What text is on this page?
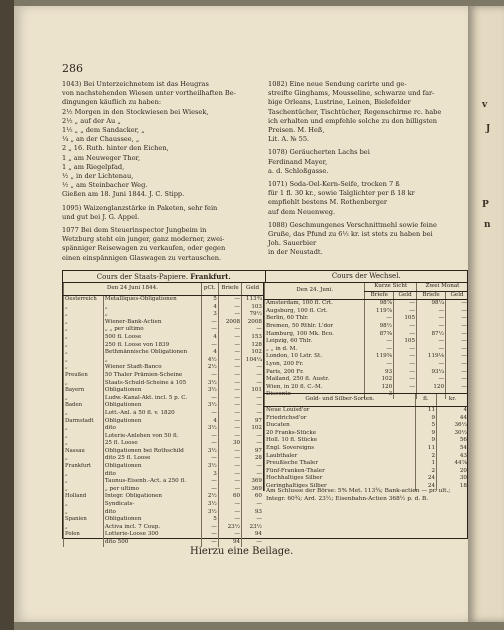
v
J
P
n
286
1043) Bei Unterzeichnetem ist das Heugras
von nachstehenden Wiesen unter vortheilhaften Be-
dingungen käuflich zu haben:
2½ Morgen in den Stockwiesen bei Wiesek,
2½ „ auf der Au „
1½ „ „ dem Sandacker, „
¼ „ an der Chaussee, „
2 „ 16. Ruth. hinter den Eichen,
1 „ am Neuweger Thor,
1 „ am Riegelpfad,
½ „ in der Lichtenau,
½ „ am Steinbacher Weg.
Gießen am 18. Juni 1844. J. C. Stipp.
1095) Waizenglanzstärke in Paketen, sehr fein
und gut bei J. G. Appel.
1077 Bei dem Steuerinspector Jungbeim in
Wetzburg steht ein junger, ganz moderner, zwei-
spänniger Reisewagen zu verkaufen, oder gegen
einen einspännigen Glaswagen zu vertauschen.
1082) Eine neue Sendung carirte und ge-
streifte Ginghams, Mousseline, schwarze und far-
bige Orleans, Lustrine, Leinen, Bielefelder
Taschentücher, Tischtücher, Regenschirme rc. habe
ich erhalten und empfehle solche zu den billigsten
Preisen. M. Heß,
Lit. A. № 55.
1078) Geräucherten Lachs bei
Ferdinand Mayer,
a. d. Schloßgasse.
1071) Soda-Oel-Kern-Seife, trocken 7 ß
für 1 fl. 30 kr., sowie Talglichter per ß 18 kr
empfiehlt bestens M. Rothenberger
auf dem Neuenweg.
1088) Geschmungenes Verschnittmehl sowie feine
Gruße, das Pfund zu 6½ kr. ist stets zu haben bei
Joh. Sauerbier
in der Neustadt.
Cours der Staats-Papiere. Frankfurt.	Cours der Wechsel.
Den 24 Juni 1844.		pCt.	Briefe	Geld
Oesterreich	Metalliques-Obligationen	5	—	113¾
„	„	4	—	103
„	„	3	—	79½
„	Wiener-Bank-Actien	—	2008	2008
„	„ „ per ultimo	—	—	—
„	500 fl. Loose	4	—	153
„	250 fl. Loose von 1839	—	—	128
„	Bethmännische Obligationen	4	—	102
„	„	4½	—	104¼
„	Wiener Stadt-Banco	2½	—	—
Preußen	50 Thaler Prämien-Scheine	—	—	—
„	Staats-Schuld-Scheine à 105	3½	—	—
Bayern	Obligationen	3½	—	101
„	Ludw.-Kanal-Akt. incl. 5 p. C.	—	—	—
Baden	Obligationen	3½	—	—
„	Lott.-Anl. à 50 fl. v. 1820	—	—	—
Darmstadt	Obligationen	4	—	97
„	dito	3½	—	102
„	Loterie-Anlehen von 50 fl.	—	—	—
„	25 fl. Loose	—	30	—
Nassau	Obligationen bei Rothschild	3½	—	97
„	dito 25 fl. Loose	—	—	28
Frankfurt	Obligationen	3½	—	—
„	dito	3	—	—
„	Taunus-Eisenb.-Act. à 250 fl.	—	—	369
„	„ per ultimo	—	—	369
Holland	Integr. Obligationen	2½	60	60
„	Syndicats-	3½	—	—
„	dito	3½	—	93
Spanien	Obligationen	5	—	—
„	Activa incl. 7 Coup.	—	23½	23½
Polen	Lotterie-Loose 300	—	—	94
	dito 500	—	94	—
Den 24. Juni.	Kurze Sicht		Zwei Monat	
	Briefe	Geld	Briefe	Geld
Amsterdam, 100 fl. Crt.	98⅞	—	98¼	—
Augsburg, 100 fl. Crt.	119⅞	—	—	—
Berlin, 60 Thlr.	—	105	—	—
Bremen, 50 Rthlr. L'dor	98½	—	—	—
Hamburg, 100 Mk. Bco.	87⅜	—	87½	—
Leipzig, 60 Thlr.	—	105	—	—
„ „ in d. M.	—	—	—	—
London, 10 Lstr. St.	119⅝	—	119⅛	—
Lyon, 200 Fr.	—	—	—	—
Paris, 200 Fr.	93	—	93¼	—
Mailand, 250 fl. Austr.	102	—	—	—
Wien, in 20 fl. C.-M.	120	—	120	—
Disconto	3	—	—	—
Gold- und Silber-Sorten.	fl.	kr.
Neue Louisd'or	11	4
Friedrichsd'or	9	44
Ducaten	5	36½
20 Franks-Stücke	9	30½
Holl. 10 fl. Stücke	9	56
Engl. Sovereigns	11	54
Laubthaler	2	43
Preußische Thaler	1	44⅞
Fünf-Franken-Thaler	2	20
Hochhaltiges Silber	24	30
Geringhaltiges Silber	24	18
Am Schlusse der Börse: 5% Met. 113¾; Bank-actien — pr. ult.; Integr. 60¾; Ard. 23½; Eisenbahn-Actien 368½ p. d. B.
Hierzu eine Beilage.
